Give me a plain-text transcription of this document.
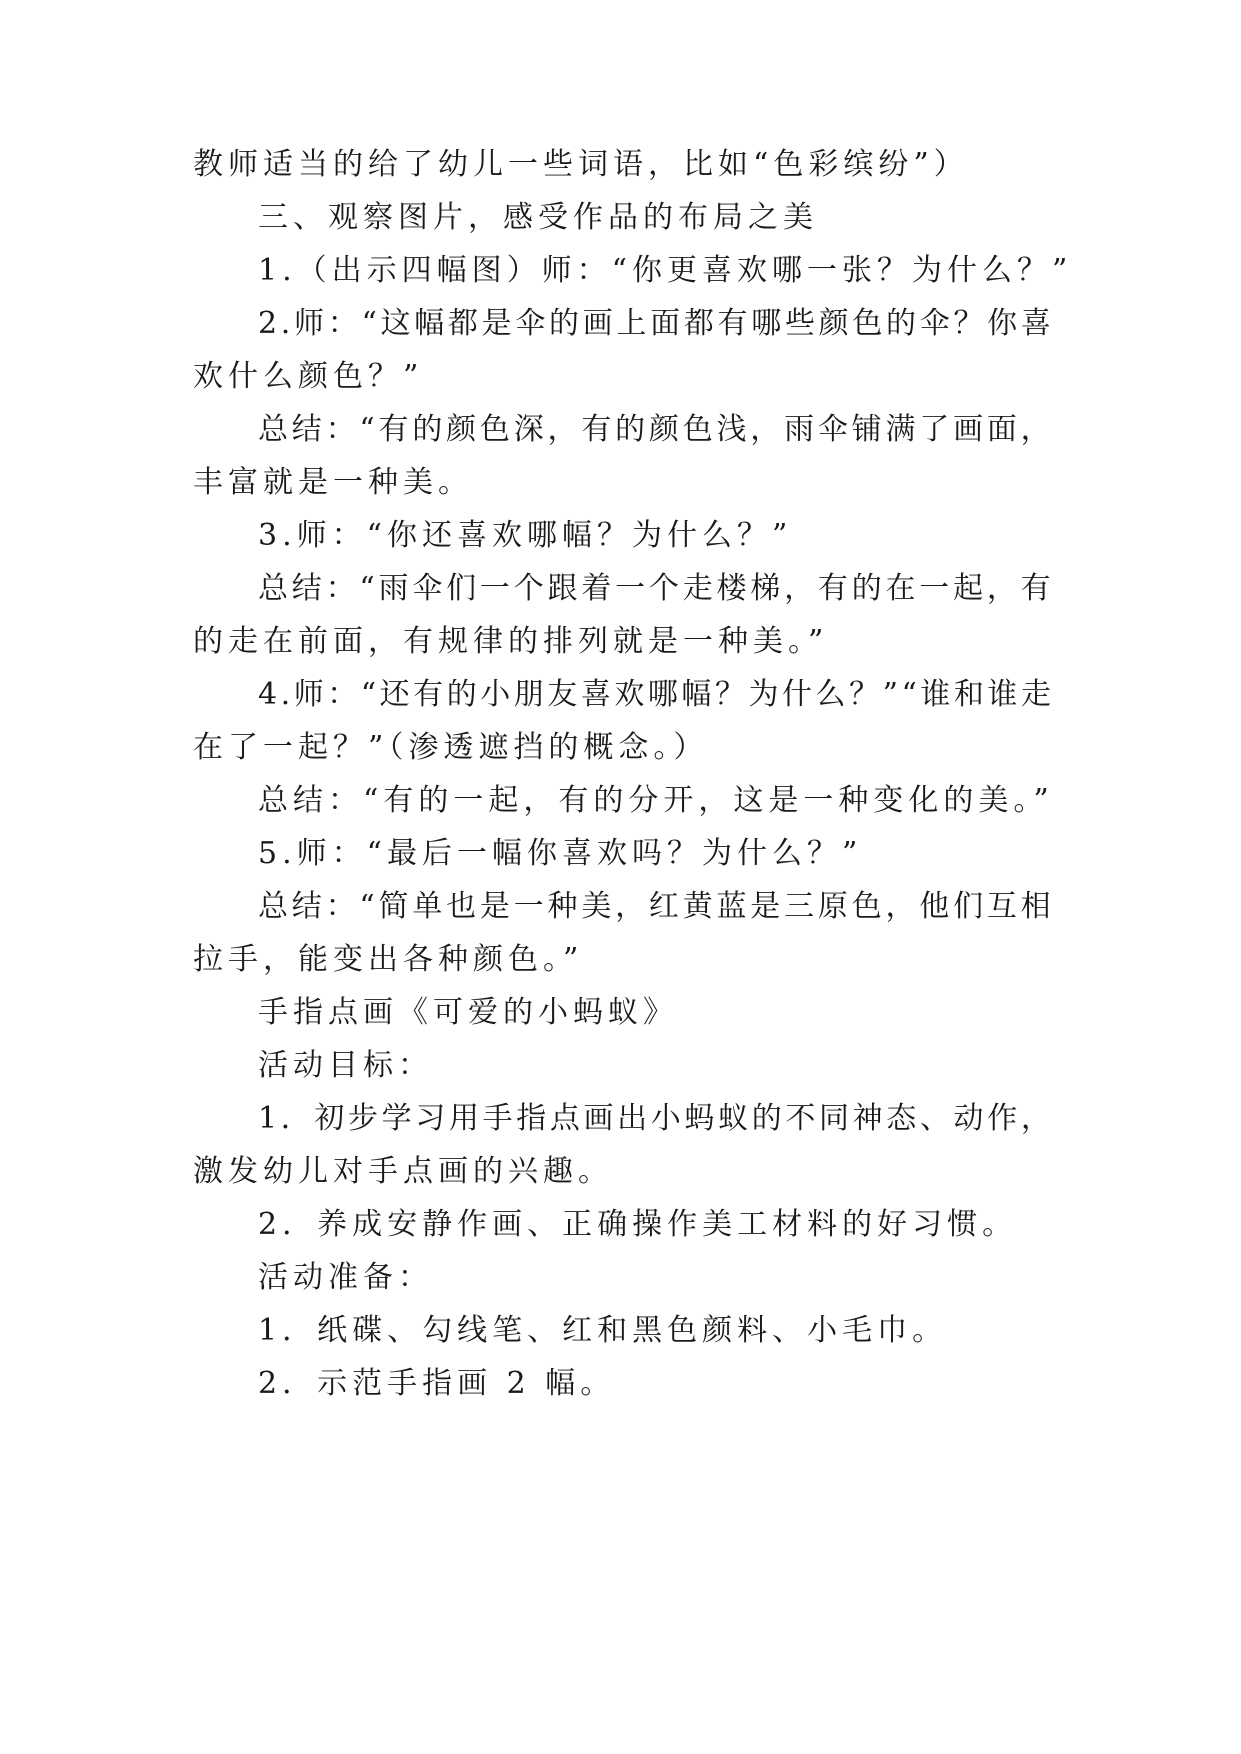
教师适当的给了幼儿一些词语，比如“色彩缤纷”）
三、观察图片，感受作品的布局之美
1.（出示四幅图）师：“你更喜欢哪一张？为什么？”
2 . 师 ： “ 这 幅 都 是 伞 的 画 上 面 都 有 哪 些 颜 色 的 伞 ？ 你 喜
欢什么颜色？”
总 结 ： “ 有 的 颜 色 深 ， 有 的 颜 色 浅 ， 雨 伞 铺 满 了 画 面 ，
丰富就是一种美。
3.师：“你还喜欢哪幅？为什么？”
总 结 ： “ 雨 伞 们 一 个 跟 着 一 个 走 楼 梯 ， 有 的 在 一 起 ， 有
的走在前面，有规律的排列就是一种美。”
4 . 师 ： “ 还 有 的 小 朋 友 喜 欢 哪 幅 ？ 为 什 么 ？ ” “ 谁 和 谁 走
在了一起？”（渗透遮挡的概念。）
总结：“有的一起，有的分开，这是一种变化的美。”
5.师：“最后一幅你喜欢吗？为什么？”
总 结 ： “ 简 单 也 是 一 种 美 ， 红 黄 蓝 是 三 原 色 ， 他 们 互 相
拉手，能变出各种颜色。”
手指点画《可爱的小蚂蚁》
活动目标：
1 ． 初 步 学 习 用 手 指 点 画 出 小 蚂 蚁 的 不 同 神 态 、 动 作 ，
激发幼儿对手点画的兴趣。
2．养成安静作画、正确操作美工材料的好习惯。
活动准备：
1．纸碟、勾线笔、红和黑色颜料、小毛巾。
2．示范手指画 2 幅。
